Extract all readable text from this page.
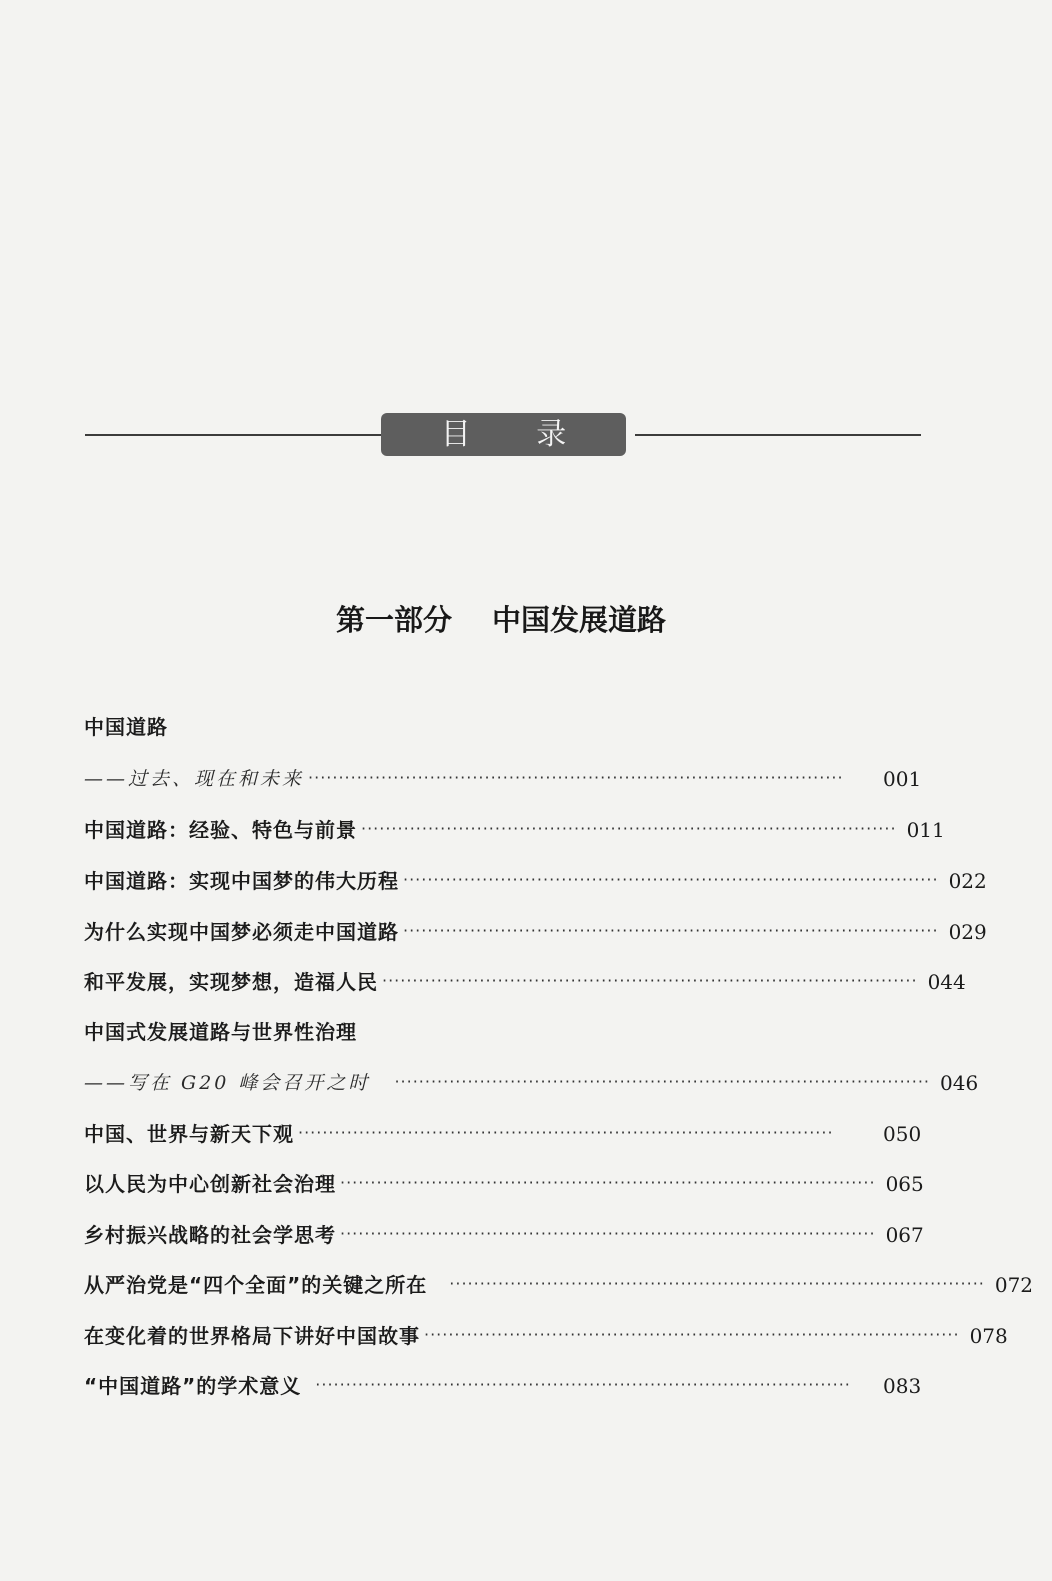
目 录
第一部分 中国发展道路
中国道路
——过去、现在和未来 ························································································	001
中国道路：经验、特色与前景 ························································································ 011
中国道路：实现中国梦的伟大历程 ························································································ 022
为什么实现中国梦必须走中国道路 ························································································ 029
和平发展，实现梦想，造福人民 ························································································ 044
中国式发展道路与世界性治理
——写在 G20 峰会召开之时 ························································································ 046
中国、世界与新天下观 ························································································	050
以人民为中心创新社会治理 ························································································ 065
乡村振兴战略的社会学思考 ························································································ 067
从严治党是“四个全面”的关键之所在 ························································································ 072
在变化着的世界格局下讲好中国故事 ························································································ 078
“中国道路”的学术意义 ························································································	083
